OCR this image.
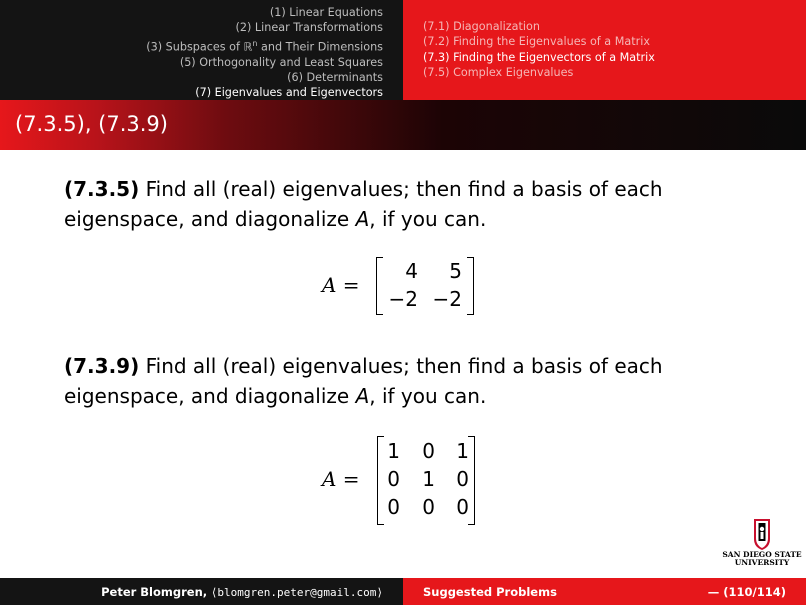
(1) Linear Equations
(2) Linear Transformations
(3) Subspaces of ℝ$^n$ and Their Dimensions
(5) Orthogonality and Least Squares
(6) Determinants
(7) Eigenvalues and Eigenvectors
(7.1) Diagonalization
(7.2) Finding the Eigenvalues of a Matrix
(7.3) Finding the Eigenvectors of a Matrix
(7.5) Complex Eigenvalues
(7.3.5), (7.3.9)
(7.3.5) Find all (real) eigenvalues; then find a basis of each eigenspace, and diagonalize A, if you can.
A =
4	5
−2 −2
(7.3.9) Find all (real) eigenvalues; then find a basis of each eigenspace, and diagonalize A, if you can.
A =
1 0 1
0 1 0
0 0 0
SAN DIEGO STATE
UNIVERSITY
Peter Blomgren, ⟨blomgren.peter@gmail.com⟩	Suggested Problems	— (110/114)
